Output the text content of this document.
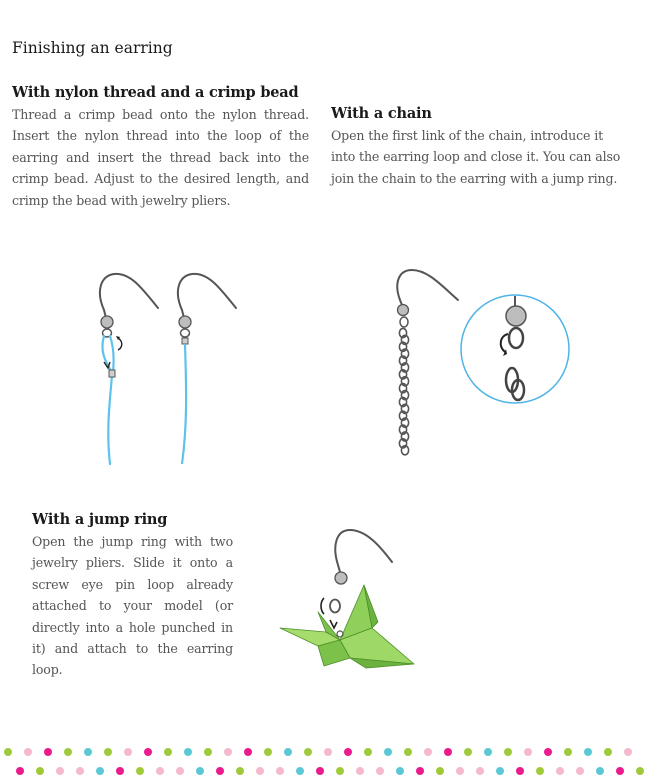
Finishing an earring
With nylon thread and a crimp bead

Thread a crimp bead onto the nylon thread. Insert the nylon thread into the loop of the earring and insert the thread back into the crimp bead. Adjust to the desired length, and crimp the bead with jewelry pliers.

With a chain

Open the first link of the chain, introduce it into the earring loop and close it. You can also join the chain to the earring with a jump ring.

With a jump ring

Open the jump ring with two jewelry pliers. Slide it onto a screw eye pin loop already attached to your model (or directly into a hole punched in it) and attach to the earring loop.
